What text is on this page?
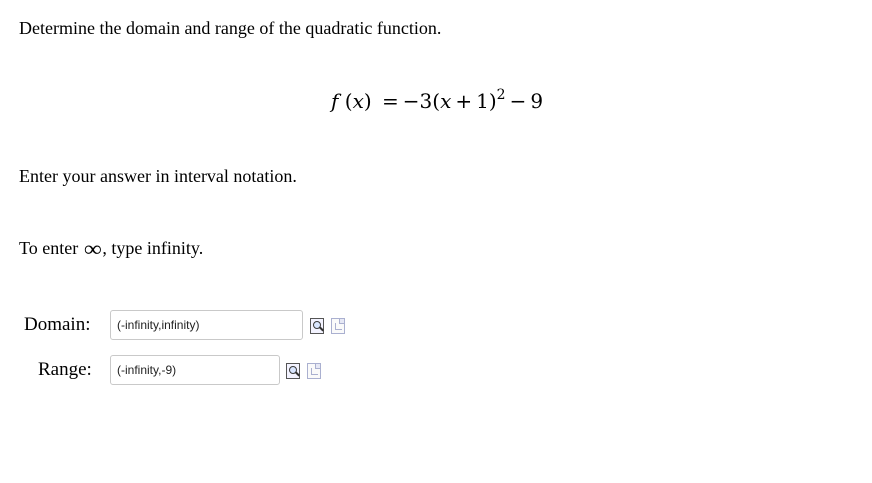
Determine the domain and range of the quadratic function.

f $(x) = -3(x + 1)^2 - 9$

Enter your answer in interval notation.

To enter ∞, type infinity.

Domain:
(-infinity,infinity)
Range:
(-infinity,-9)
